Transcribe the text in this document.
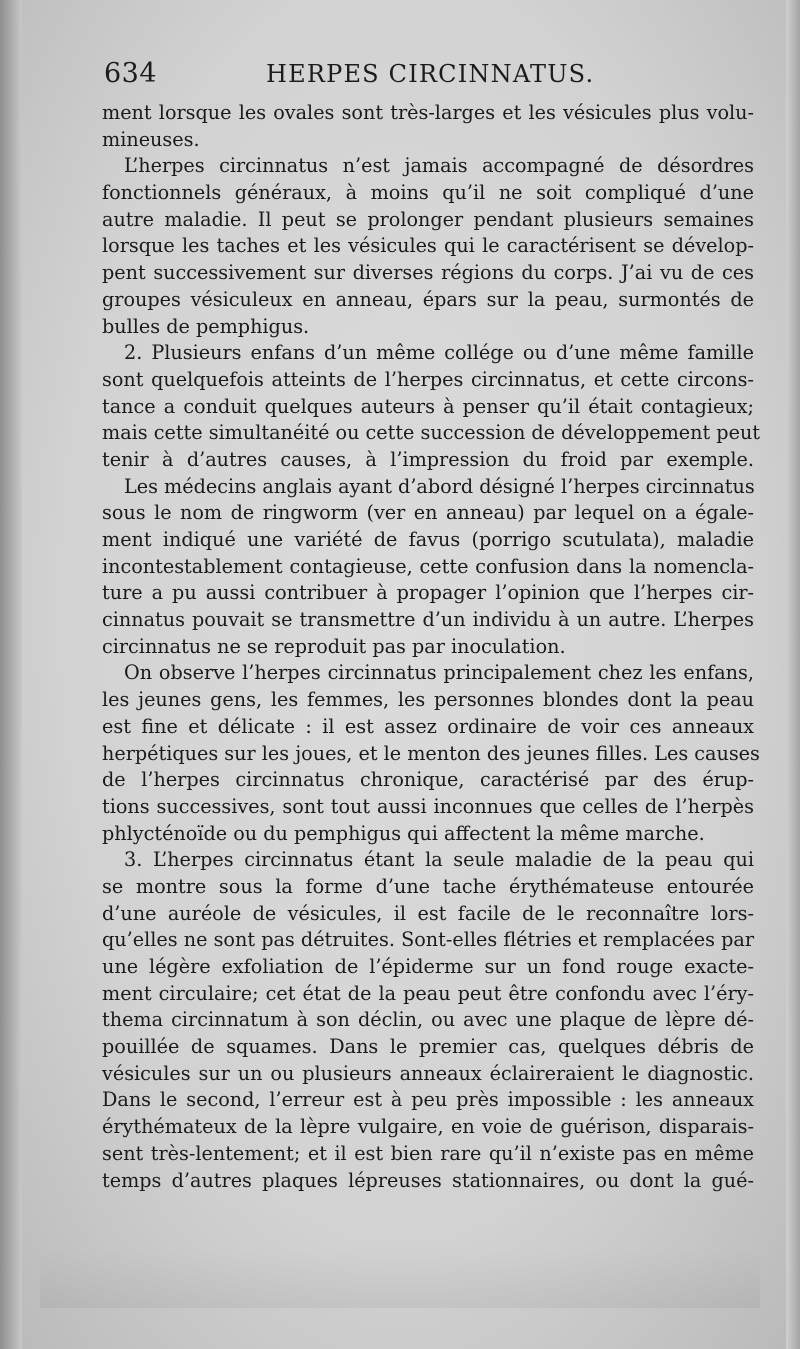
634	HERPES CIRCINNATUS.
ment lorsque les ovales sont très-larges et les vésicules plus volu-
mineuses.
L’herpes circinnatus n’est jamais accompagné de désordres
fonctionnels généraux, à moins qu’il ne soit compliqué d’une
autre maladie. Il peut se prolonger pendant plusieurs semaines
lorsque les taches et les vésicules qui le caractérisent se dévelop-
pent successivement sur diverses régions du corps. J’ai vu de ces
groupes vésiculeux en anneau, épars sur la peau, surmontés de
bulles de pemphigus.
2. Plusieurs enfans d’un même collége ou d’une même famille
sont quelquefois atteints de l’herpes circinnatus, et cette circons-
tance a conduit quelques auteurs à penser qu’il était contagieux;
mais cette simultanéité ou cette succession de développement peut
tenir à d’autres causes, à l’impression du froid par exemple.
Les médecins anglais ayant d’abord désigné l’herpes circinnatus
sous le nom de ringworm (ver en anneau) par lequel on a égale-
ment indiqué une variété de favus (porrigo scutulata), maladie
incontestablement contagieuse, cette confusion dans la nomencla-
ture a pu aussi contribuer à propager l’opinion que l’herpes cir-
cinnatus pouvait se transmettre d’un individu à un autre. L’herpes
circinnatus ne se reproduit pas par inoculation.
On observe l’herpes circinnatus principalement chez les enfans,
les jeunes gens, les femmes, les personnes blondes dont la peau
est fine et délicate : il est assez ordinaire de voir ces anneaux
herpétiques sur les joues, et le menton des jeunes filles. Les causes
de l’herpes circinnatus chronique, caractérisé par des érup-
tions successives, sont tout aussi inconnues que celles de l’herpès
phlycténoïde ou du pemphigus qui affectent la même marche.
3. L’herpes circinnatus étant la seule maladie de la peau qui
se montre sous la forme d’une tache érythémateuse entourée
d’une auréole de vésicules, il est facile de le reconnaître lors-
qu’elles ne sont pas détruites. Sont-elles flétries et remplacées par
une légère exfoliation de l’épiderme sur un fond rouge exacte-
ment circulaire; cet état de la peau peut être confondu avec l’éry-
thema circinnatum à son déclin, ou avec une plaque de lèpre dé-
pouillée de squames. Dans le premier cas, quelques débris de
vésicules sur un ou plusieurs anneaux éclaireraient le diagnostic.
Dans le second, l’erreur est à peu près impossible : les anneaux
érythémateux de la lèpre vulgaire, en voie de guérison, disparais-
sent très-lentement; et il est bien rare qu’il n’existe pas en même
temps d’autres plaques lépreuses stationnaires, ou dont la gué-
